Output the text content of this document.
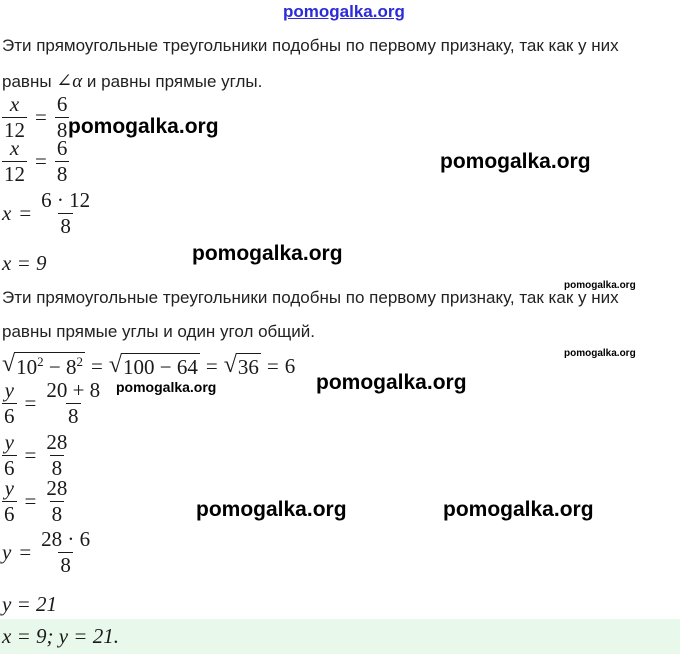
pomogalka.org
Эти прямоугольные треугольники подобны по первому признаку, так как у них
равны ∠α и равны прямые углы.
$\frac{x}{12} = \frac{6}{8}$
$\frac{x}{12} = \frac{6}{8}$
$x = \frac{6 \cdot 12}{8}$
x = 9
Эти прямоугольные треугольники подобны по первому признаку, так как у них
равны прямые углы и один угол общий.
√ $10^2 - 8^2$ = √ 100 − 64 = √ 36 = 6
$\frac{y}{6} = \frac{20 + 8}{8}$
$\frac{y}{6} = \frac{28}{8}$
$\frac{y}{6} = \frac{28}{8}$
$y = \frac{28 \cdot 6}{8}$
y = 21
x = 9; y = 21.
pomogalka.org
pomogalka.org
pomogalka.org
pomogalka.org
pomogalka.org
pomogalka.org	pomogalka.org
pomogalka.org	pomogalka.org
